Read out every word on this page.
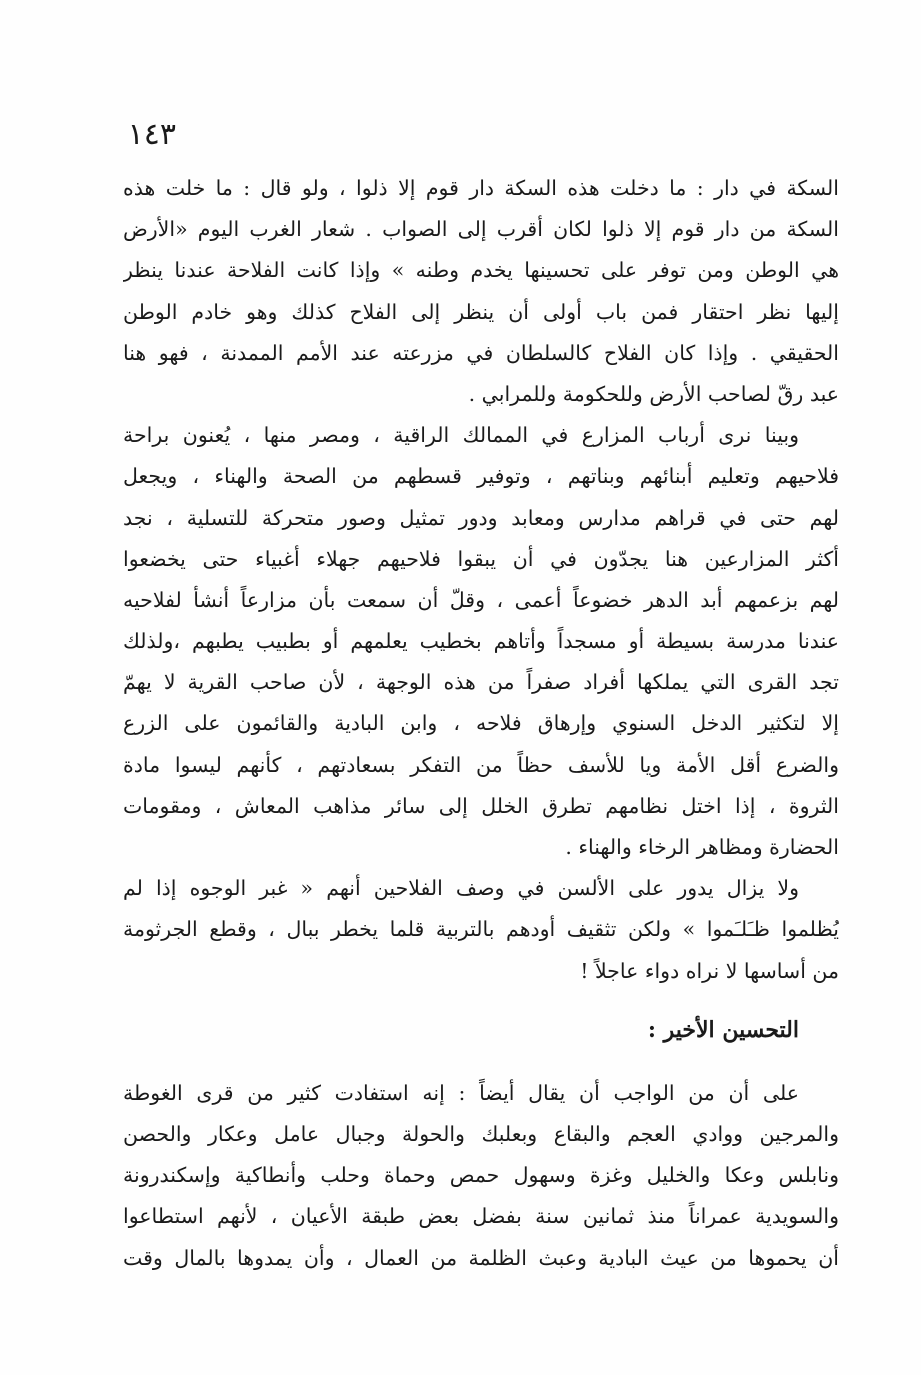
١٤٣
السكة في دار : ما دخلت هذه السكة دار قوم إلا ذلوا ، ولو قال : ما خلت هذه
السكة من دار قوم إلا ذلوا لكان أقرب إلى الصواب . شعار الغرب اليوم «الأرض
هي الوطن ومن توفر على تحسينها يخدم وطنه » وإذا كانت الفلاحة عندنا ينظر
إليها نظر احتقار فمن باب أولى أن ينظر إلى الفلاح كذلك وهو خادم الوطن
الحقيقي . وإذا كان الفلاح كالسلطان في مزرعته عند الأمم الممدنة ، فهو هنا
عبد رقّ لصاحب الأرض وللحكومة وللمرابي .
وبينا نرى أرباب المزارع في الممالك الراقية ، ومصر منها ، يُعنون براحة
فلاحيهم وتعليم أبنائهم وبناتهم ، وتوفير قسطهم من الصحة والهناء ، ويجعل
لهم حتى في قراهم مدارس ومعابد ودور تمثيل وصور متحركة للتسلية ، نجد
أكثر المزارعين هنا يجدّون في أن يبقوا فلاحيهم جهلاء أغبياء حتى يخضعوا
لهم بزعمهم أبد الدهر خضوعاً أعمى ، وقلّ أن سمعت بأن مزارعاً أنشأ لفلاحيه
عندنا مدرسة بسيطة أو مسجداً وأتاهم بخطيب يعلمهم أو بطبيب يطبهم ،ولذلك
تجد القرى التي يملكها أفراد صفراً من هذه الوجهة ، لأن صاحب القرية لا يهمّ
إلا لتكثير الدخل السنوي وإرهاق فلاحه ، وابن البادية والقائمون على الزرع
والضرع أقل الأمة ويا للأسف حظاً من التفكر بسعادتهم ، كأنهم ليسوا مادة
الثروة ، إذا اختل نظامهم تطرق الخلل إلى سائر مذاهب المعاش ، ومقومات
الحضارة ومظاهر الرخاء والهناء .
ولا يزال يدور على الألسن في وصف الفلاحين أنهم « غبر الوجوه إذا لم
يُظلموا ظـَلـَموا » ولكن تثقيف أودهم بالتربية قلما يخطر ببال ، وقطع الجرثومة
من أساسها لا نراه دواء عاجلاً !
التحسين الأخير :
على أن من الواجب أن يقال أيضاً : إنه استفادت كثير من قرى الغوطة
والمرجين ووادي العجم والبقاع وبعلبك والحولة وجبال عامل وعكار والحصن
ونابلس وعكا والخليل وغزة وسهول حمص وحماة وحلب وأنطاكية وإسكندرونة
والسويدية عمراناً منذ ثمانين سنة بفضل بعض طبقة الأعيان ، لأنهم استطاعوا
أن يحموها من عيث البادية وعبث الظلمة من العمال ، وأن يمدوها بالمال وقت
